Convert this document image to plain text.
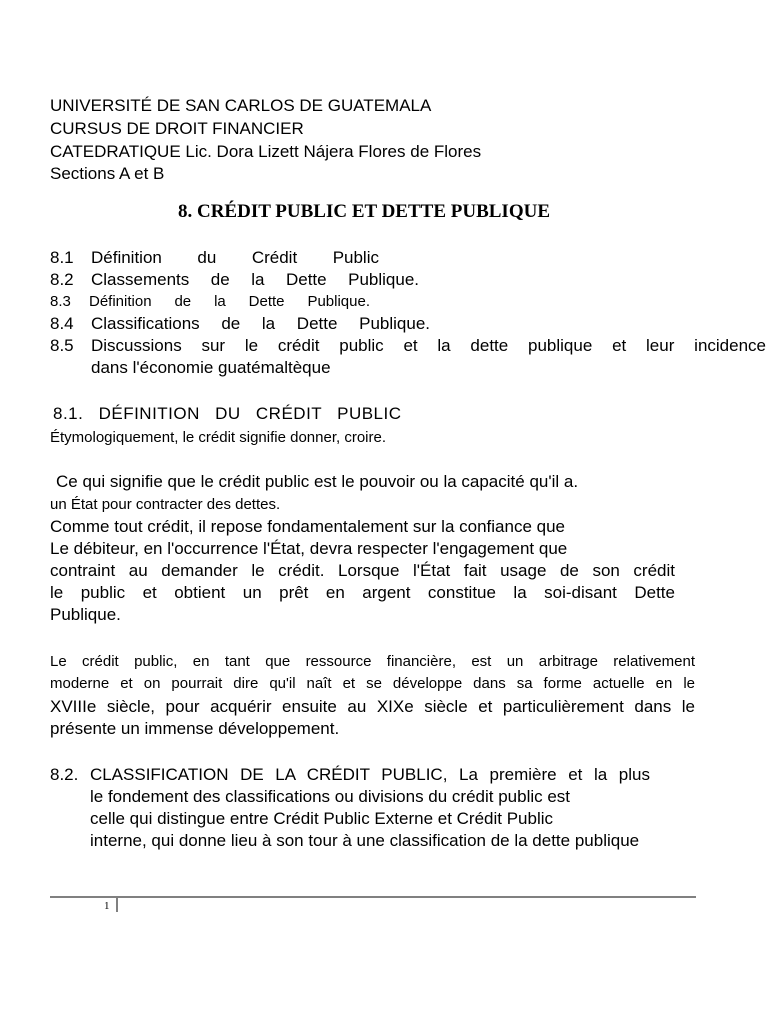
UNIVERSITÉ DE SAN CARLOS DE GUATEMALA
CURSUS DE DROIT FINANCIER
CATEDRATIQUE Lic. Dora Lizett Nájera Flores de Flores
Sections A et B
8. CRÉDIT PUBLIC ET DETTE PUBLIQUE
8.1	Définition du Crédit Public
8.2	Classements de la Dette Publique.
8.3	Définition de la Dette Publique.
8.4	Classifications de la Dette Publique.
8.5	Discussions sur le crédit public et la dette publique et leur incidence
dans l'économie guatémaltèque
8.1. DÉFINITION DU CRÉDIT PUBLIC
Étymologiquement, le crédit signifie donner, croire.
Ce qui signifie que le crédit public est le pouvoir ou la capacité qu'il a.
un État pour contracter des dettes.
Comme tout crédit, il repose fondamentalement sur la confiance que
Le débiteur, en l'occurrence l'État, devra respecter l'engagement que
contraint au demander le crédit. Lorsque l'État fait usage de son crédit
le public et obtient un prêt en argent constitue la soi-disant Dette
Publique.
Le crédit public, en tant que ressource financière, est un arbitrage relativement
moderne et on pourrait dire qu'il naît et se développe dans sa forme actuelle en le
XVIIIe siècle, pour acquérir ensuite au XIXe siècle et particulièrement dans le
présente un immense développement.
8.2. CLASSIFICATION DE LA CRÉDIT PUBLIC, La première et la plus
le fondement des classifications ou divisions du crédit public est
celle qui distingue entre Crédit Public Externe et Crédit Public
interne, qui donne lieu à son tour à une classification de la dette publique
1
